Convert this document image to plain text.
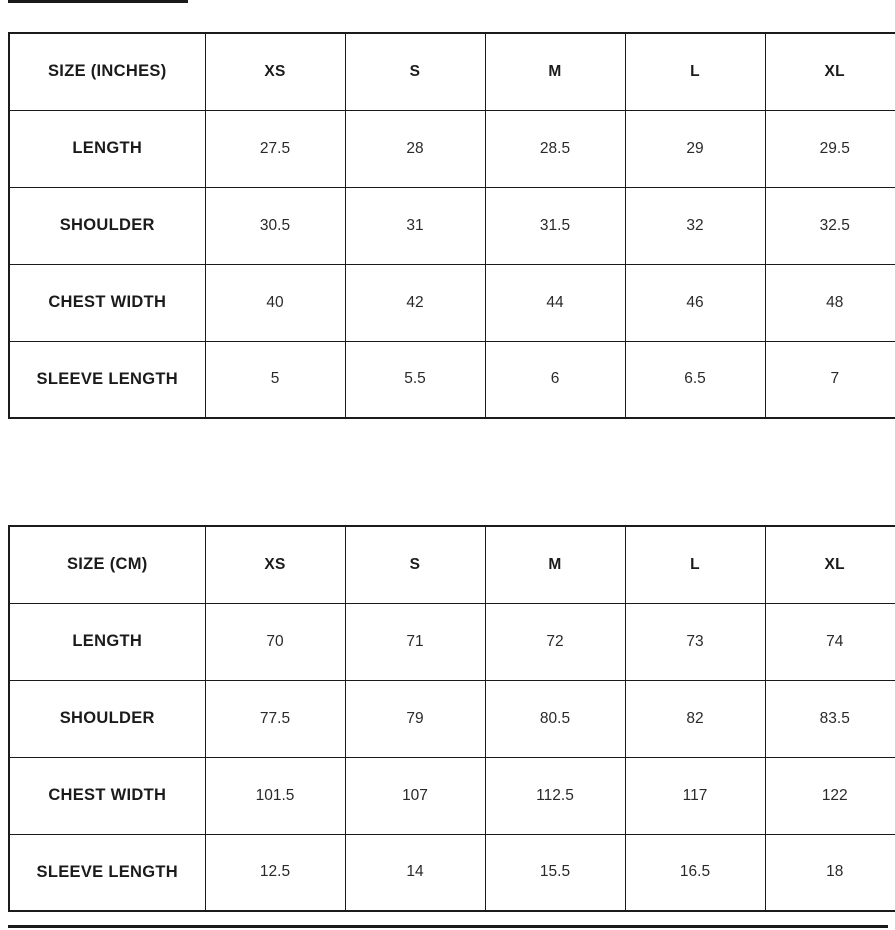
SIZE (INCHES)	XS	S	M	L	XL
LENGTH	27.5	28	28.5	29	29.5
SHOULDER	30.5	31	31.5	32	32.5
CHEST WIDTH	40	42	44	46	48
SLEEVE LENGTH	5	5.5	6	6.5	7
SIZE (CM)	XS	S	M	L	XL
LENGTH	70	71	72	73	74
SHOULDER	77.5	79	80.5	82	83.5
CHEST WIDTH	101.5	107	112.5	117	122
SLEEVE LENGTH	12.5	14	15.5	16.5	18
